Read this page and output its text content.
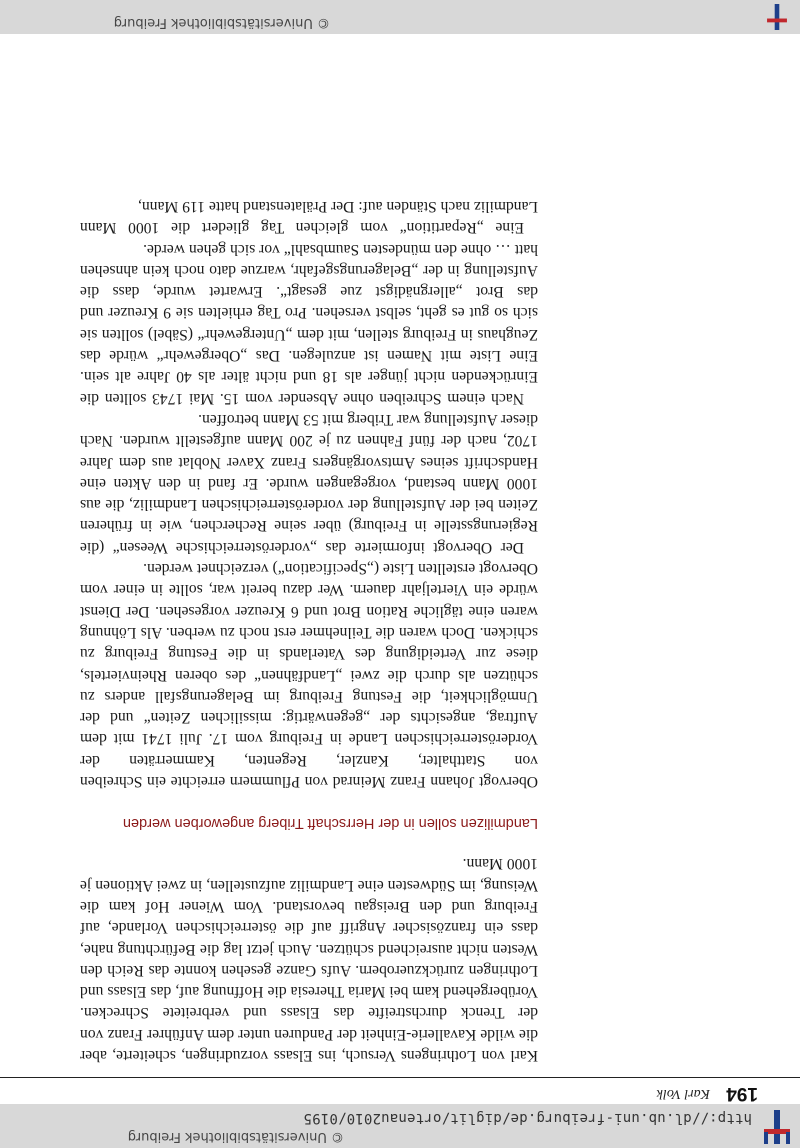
http://dl.ub.uni-freiburg.de/diglit/ortenau2010/0195
© Universitätsbibliothek Freiburg
194
Karl Volk

Karl von Lothringens Versuch, ins Elsass vorzudringen, scheiterte, aber die wilde Kavallerie-Einheit der Panduren unter dem Anführer Franz von der Trenck durchstreifte das Elsass und verbreitete Schrecken. Vorübergehend kam bei Maria Theresia die Hoffnung auf, das Elsass und Lothringen zurückzuerobern. Aufs Ganze gesehen konnte das Reich den Westen nicht ausreichend schützen. Auch jetzt lag die Befürchtung nahe, dass ein französischer Angriff auf die österreichischen Vorlande, auf Freiburg und den Breisgau bevorstand. Vom Wiener Hof kam die Weisung, im Südwesten eine Landmiliz aufzustellen, in zwei Aktionen je 1000 Mann.

Landmilizen sollen in der Herrschaft Triberg angeworben werden

Obervogt Johann Franz Meinrad von Pflummern erreichte ein Schreiben von Statthalter, Kanzler, Regenten, Kammerräten der Vorderösterreichischen Lande in Freiburg vom 17. Juli 1741 mit dem Auftrag, angesichts der „gegenwärtig: missilichen Zeiten“ und der Unmöglichkeit, die Festung Freiburg im Belagerungsfall anders zu schützen als durch die zwei „Landfähnen“ des oberen Rheinviertels, diese zur Verteidigung des Vaterlands in die Festung Freiburg zu schicken. Doch waren die Teilnehmer erst noch zu werben. Als Löhnung waren eine tägliche Ration Brot und 6 Kreuzer vorgesehen. Der Dienst würde ein Vierteljahr dauern. Wer dazu bereit war, sollte in einer vom Obervogt erstellten Liste („Specification“) verzeichnet werden.

Der Obervogt informierte das „vorderösterreichische Weesen“ (die Regierungsstelle in Freiburg) über seine Recherchen, wie in früheren Zeiten bei der Aufstellung der vorderösterreichischen Landmiliz, die aus 1000 Mann bestand, vorgegangen wurde. Er fand in den Akten eine Handschrift seines Amtsvorgängers Franz Xaver Noblat aus dem Jahre 1702, nach der fünf Fahnen zu je 200 Mann aufgestellt wurden. Nach dieser Aufstellung war Triberg mit 53 Mann betroffen.

Nach einem Schreiben ohne Absender vom 15. Mai 1743 sollten die Einrückenden nicht jünger als 18 und nicht älter als 40 Jahre alt sein. Eine Liste mit Namen ist anzulegen. Das „Obergewehr“ würde das Zeughaus in Freiburg stellen, mit dem „Untergewehr“ (Säbel) sollten sie sich so gut es geht, selbst versehen. Pro Tag erhielten sie 9 Kreuzer und das Brot „allergnädigst zue gesagt“. Erwartet wurde, dass die Aufstellung in der „Belagerungsgefahr, warzue dato noch kein ahnsehen hatt … ohne den mündesten Saumbsahl“ vor sich gehen werde.

Eine „Repartition“ vom gleichen Tag gliedert die 1000 Mann Landmiliz nach Ständen auf: Der Prälatenstand hatte 119 Mann,

© Universitätsbibliothek Freiburg
